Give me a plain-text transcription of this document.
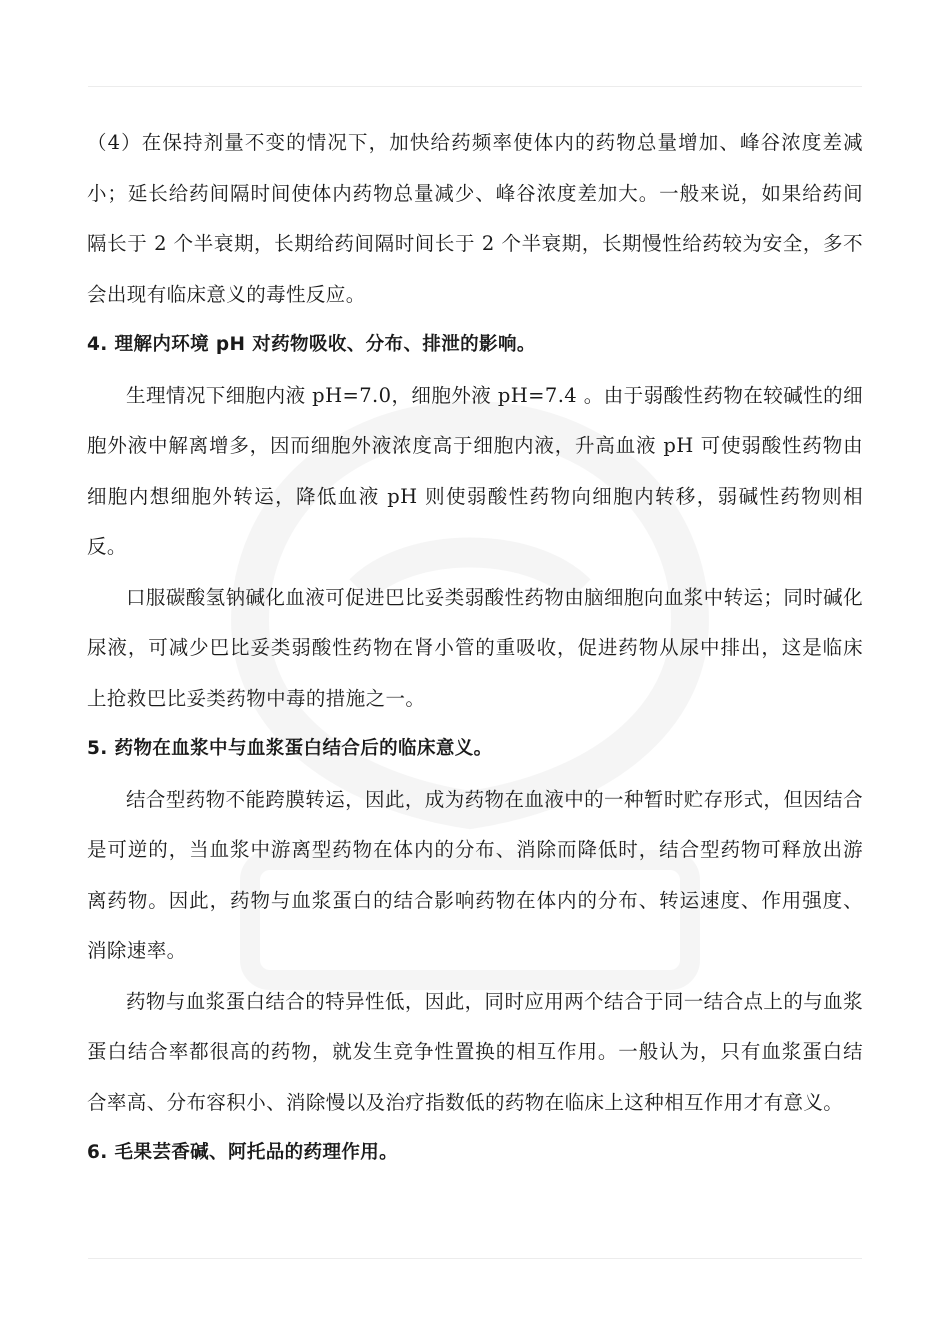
（4）在保持剂量不变的情况下，加快给药频率使体内的药物总量增加、峰谷浓度差减小；延长给药间隔时间使体内药物总量减少、峰谷浓度差加大。一般来说，如果给药间隔长于 2 个半衰期，长期给药间隔时间长于 2 个半衰期，长期慢性给药较为安全，多不会出现有临床意义的毒性反应。

4. 理解内环境 pH 对药物吸收、分布、排泄的影响。

生理情况下细胞内液 pH=7.0，细胞外液 pH=7.4 。由于弱酸性药物在较碱性的细胞外液中解离增多，因而细胞外液浓度高于细胞内液，升高血液 pH 可使弱酸性药物由细胞内想细胞外转运，降低血液 pH 则使弱酸性药物向细胞内转移，弱碱性药物则相反。

口服碳酸氢钠碱化血液可促进巴比妥类弱酸性药物由脑细胞向血浆中转运；同时碱化尿液，可减少巴比妥类弱酸性药物在肾小管的重吸收，促进药物从尿中排出，这是临床上抢救巴比妥类药物中毒的措施之一。

5. 药物在血浆中与血浆蛋白结合后的临床意义。

结合型药物不能跨膜转运，因此，成为药物在血液中的一种暂时贮存形式，但因结合是可逆的，当血浆中游离型药物在体内的分布、消除而降低时，结合型药物可释放出游离药物。因此，药物与血浆蛋白的结合影响药物在体内的分布、转运速度、作用强度、消除速率。

药物与血浆蛋白结合的特异性低，因此，同时应用两个结合于同一结合点上的与血浆蛋白结合率都很高的药物，就发生竞争性置换的相互作用。一般认为，只有血浆蛋白结合率高、分布容积小、消除慢以及治疗指数低的药物在临床上这种相互作用才有意义。

6. 毛果芸香碱、阿托品的药理作用。
